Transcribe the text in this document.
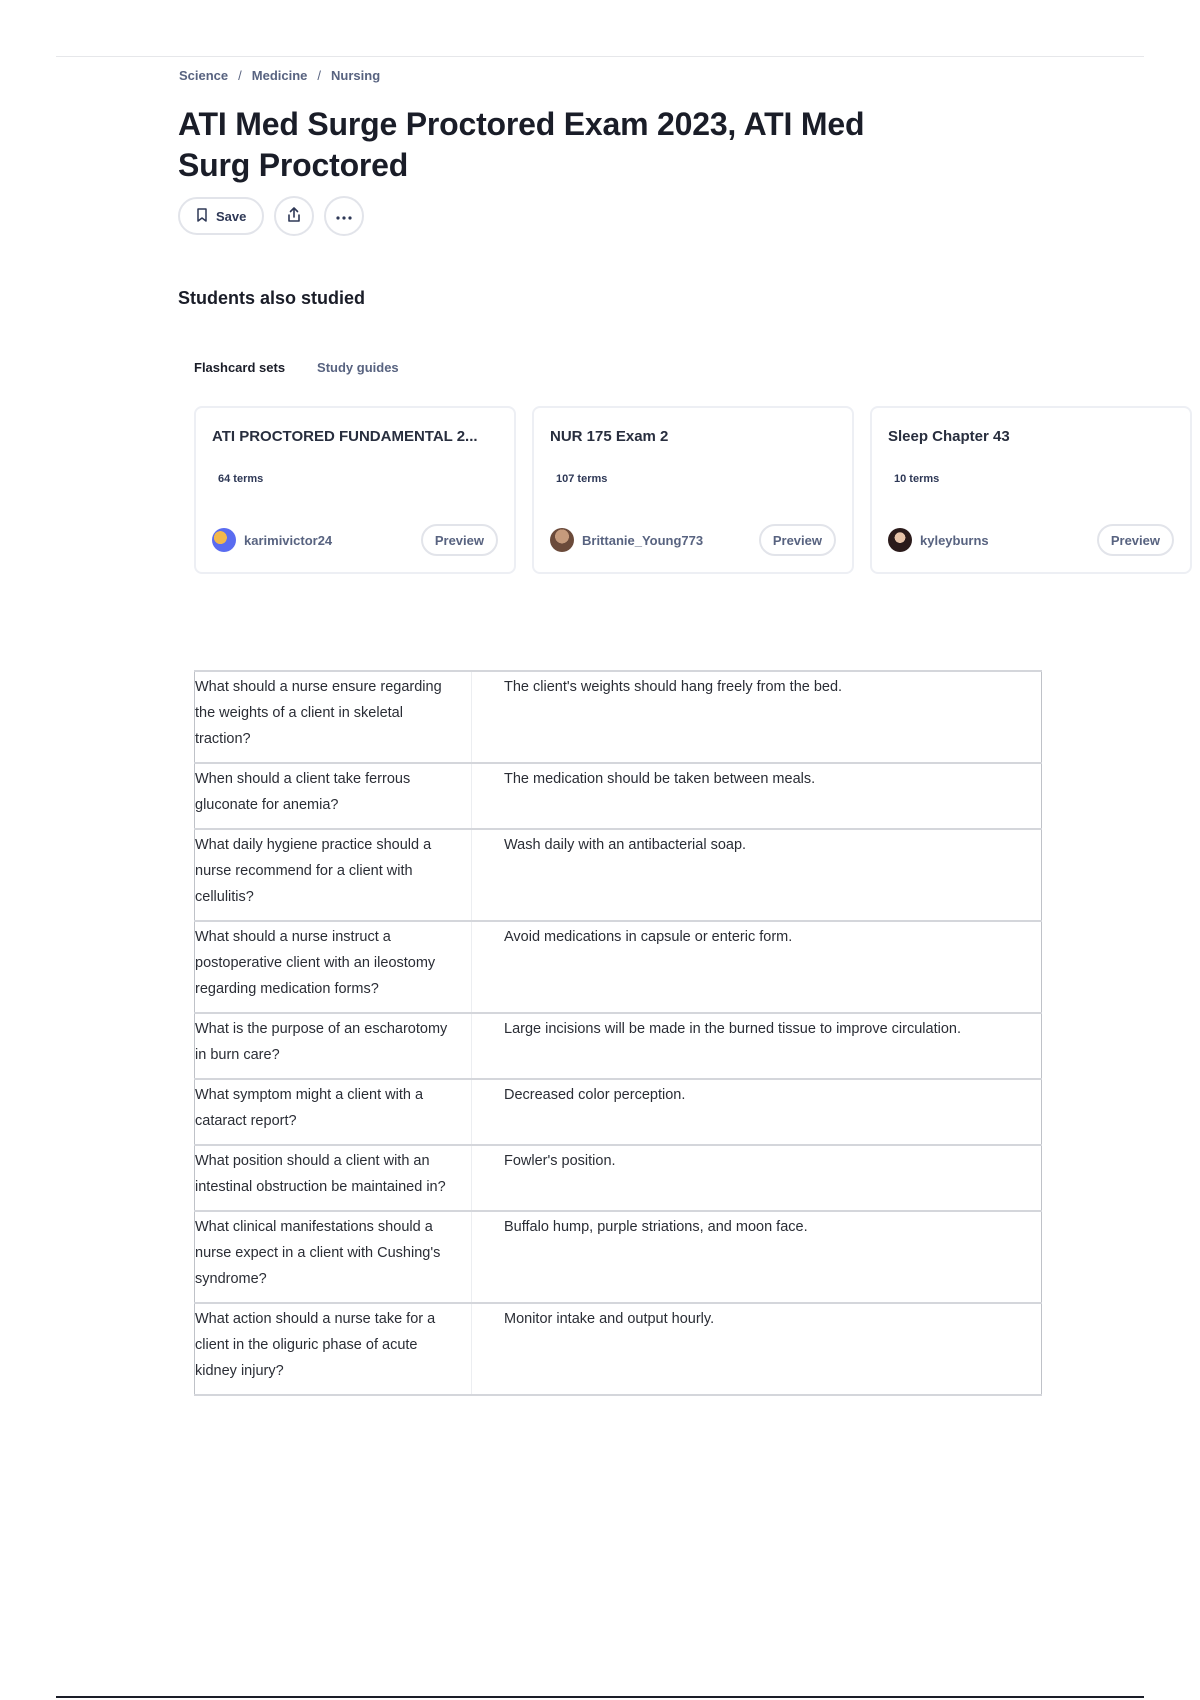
Science / Medicine / Nursing
ATI Med Surge Proctored Exam 2023, ATI Med Surg Proctored
Save
Students also studied
Flashcard sets Study guides
ATI PROCTORED FUNDAMENTAL 2...
64 terms
karimivictor24	Preview
NUR 175 Exam 2
107 terms
Brittanie_Young773	Preview
Sleep Chapter 43
10 terms
kyleyburns	Preview
What should a nurse ensure regarding the weights of a client in skeletal traction?	The client's weights should hang freely from the bed.
When should a client take ferrous gluconate for anemia?	The medication should be taken between meals.
What daily hygiene practice should a nurse recommend for a client with cellulitis?	Wash daily with an antibacterial soap.
What should a nurse instruct a postoperative client with an ileostomy regarding medication forms?	Avoid medications in capsule or enteric form.
What is the purpose of an escharotomy in burn care?	Large incisions will be made in the burned tissue to improve circulation.
What symptom might a client with a cataract report?	Decreased color perception.
What position should a client with an intestinal obstruction be maintained in?	Fowler's position.
What clinical manifestations should a nurse expect in a client with Cushing's syndrome?	Buffalo hump, purple striations, and moon face.
What action should a nurse take for a client in the oliguric phase of acute kidney injury?	Monitor intake and output hourly.
